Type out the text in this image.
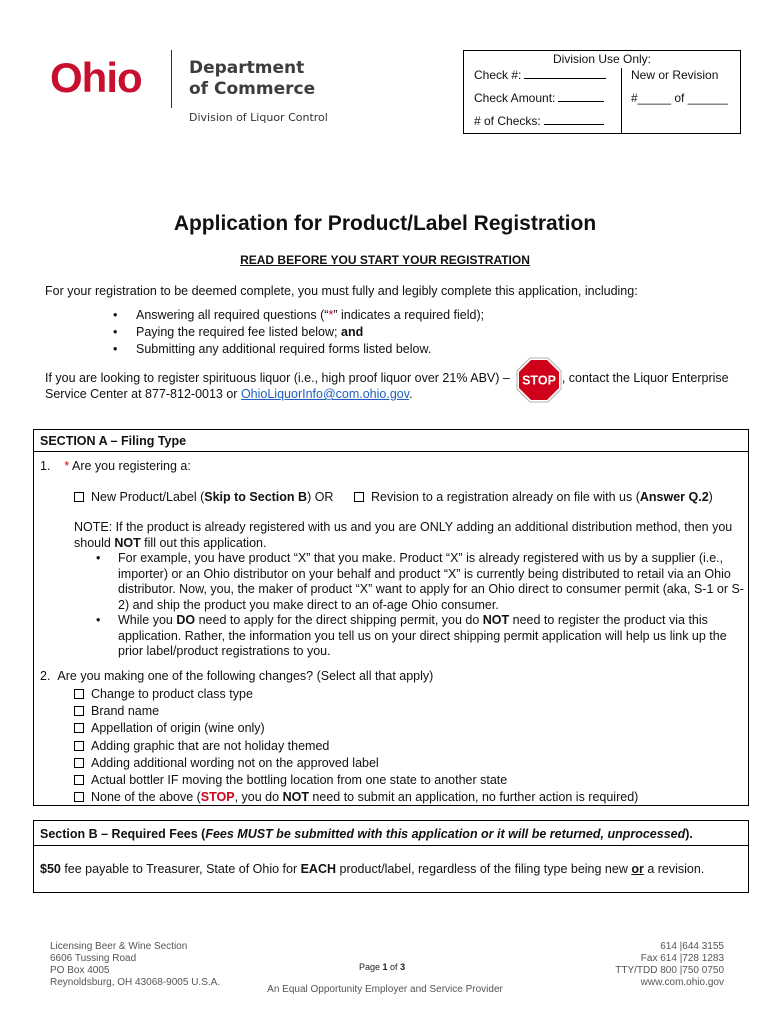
Ohio	Department
of Commerce
Division of Liquor Control
Division Use Only:
Check #:
Check Amount:
# of Checks:
New or Revision
#_____ of ______
Application for Product/Label Registration
READ BEFORE YOU START YOUR REGISTRATION
For your registration to be deemed complete, you must fully and legibly complete this application, including:
• Answering all required questions (“*” indicates a required field);
• Paying the required fee listed below; and
• Submitting any additional required forms listed below.
If you are looking to register spirituous liquor (i.e., high proof liquor over 21% ABV) –	, contact the Liquor Enterprise
Service Center at 877-812-0013 or OhioLiquorInfo@com.ohio.gov.
STOP
SECTION A – Filing Type
1. * Are you registering a:
New Product/Label (Skip to Section B) OR	Revision to a registration already on file with us (Answer Q.2)
NOTE: If the product is already registered with us and you are ONLY adding an additional distribution method, then you should NOT fill out this application.
• For example, you have product “X” that you make. Product “X” is already registered with us by a supplier (i.e., importer) or an Ohio distributor on your behalf and product “X” is currently being distributed to retail via an Ohio distributor. Now, you, the maker of product “X” want to apply for an Ohio direct to consumer permit (aka, S-1 or S-2) and ship the product you make direct to an of-age Ohio consumer.
• While you DO need to apply for the direct shipping permit, you do NOT need to register the product via this application. Rather, the information you tell us on your direct shipping permit application will help us link up the prior label/product registrations to you.
2. Are you making one of the following changes? (Select all that apply)
Change to product class type
Brand name
Appellation of origin (wine only)
Adding graphic that are not holiday themed
Adding additional wording not on the approved label
Actual bottler IF moving the bottling location from one state to another state
None of the above (STOP, you do NOT need to submit an application, no further action is required)
Section B – Required Fees (Fees MUST be submitted with this application or it will be returned, unprocessed).
$50 fee payable to Treasurer, State of Ohio for EACH product/label, regardless of the filing type being new or a revision.
Licensing Beer & Wine Section
6606 Tussing Road
PO Box 4005
Reynoldsburg, OH 43068-9005 U.S.A.
Page 1 of 3
An Equal Opportunity Employer and Service Provider
614 |644 3155
Fax 614 |728 1283
TTY/TDD 800 |750 0750
www.com.ohio.gov
